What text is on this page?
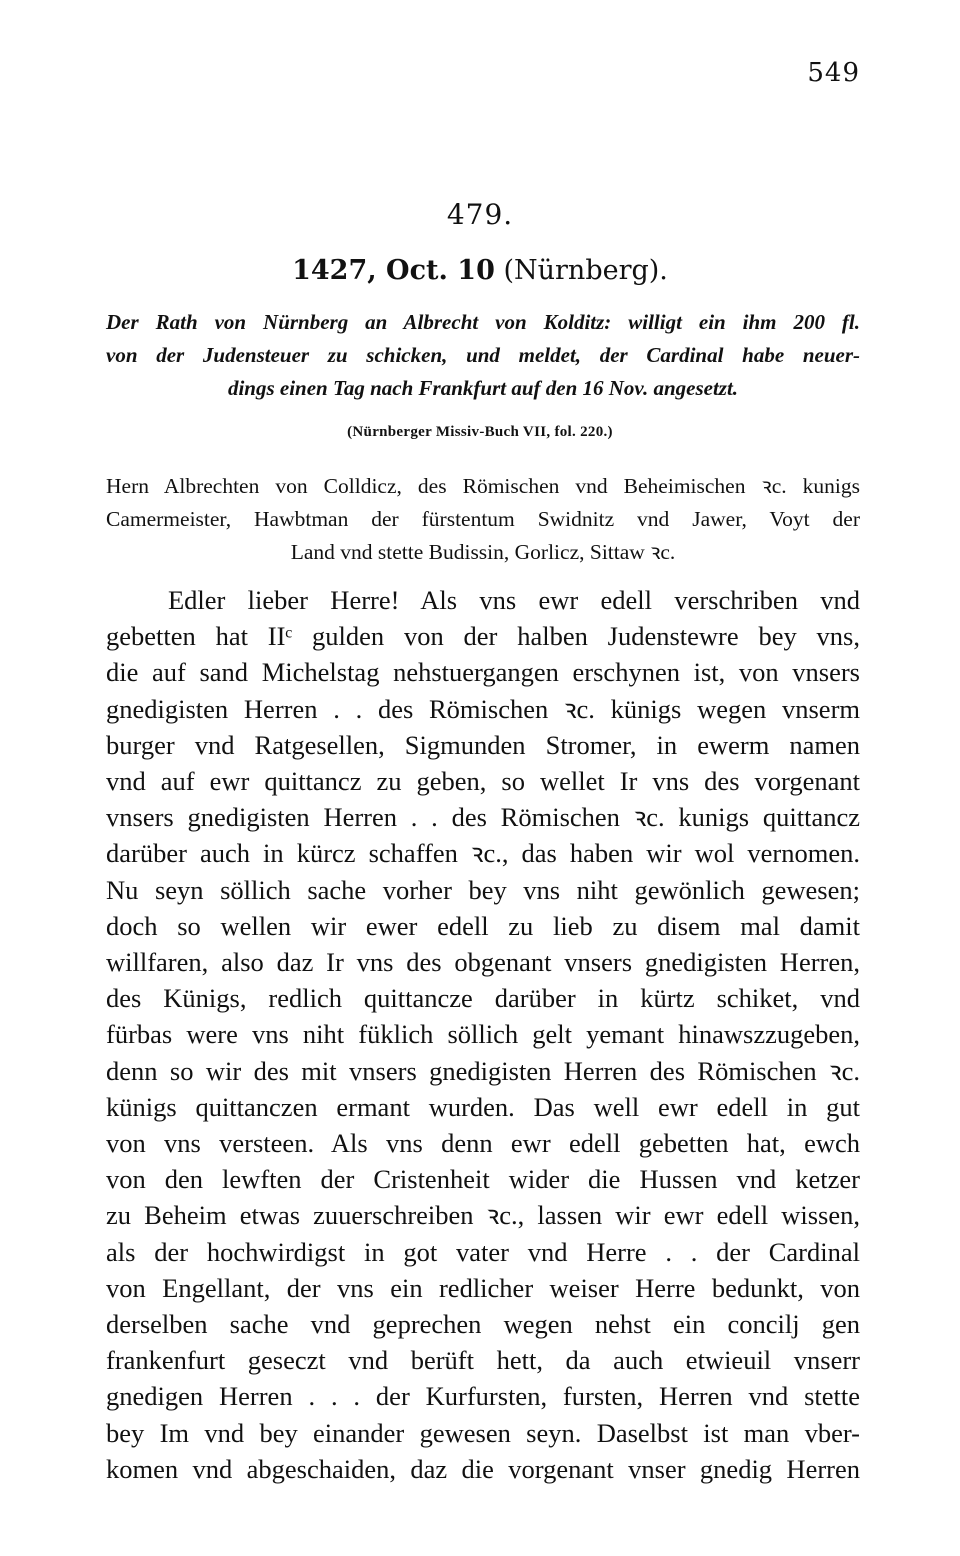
549
479.
1427, Oct. 10 (Nürnberg).
Der Rath von Nürnberg an Albrecht von Kolditz: willigt ein ihm 200 fl.
von der Judensteuer zu schicken, und meldet, der Cardinal habe neuer-
dings einen Tag nach Frankfurt auf den 16 Nov. angesetzt.
(Nürnberger Missiv-Buch VII, fol. 220.)
Hern Albrechten von Colldicz, des Römischen vnd Beheimischen ꝛc. kunigs
Camermeister, Hawbtman der fürstentum Swidnitz vnd Jawer, Voyt der
Land vnd stette Budissin, Gorlicz, Sittaw ꝛc.
Edler lieber Herre! Als vns ewr edell verschriben vnd
gebetten hat IIᶜ gulden von der halben Judenstewre bey vns,
die auf sand Michelstag nehstuergangen erschynen ist, von vnsers
gnedigisten Herren . . des Römischen ꝛc. künigs wegen vnserm
burger vnd Ratgesellen, Sigmunden Stromer, in ewerm namen
vnd auf ewr quittancz zu geben, so wellet Ir vns des vorgenant
vnsers gnedigisten Herren . . des Römischen ꝛc. kunigs quittancz
darüber auch in kürcz schaffen ꝛc., das haben wir wol vernomen.
Nu seyn söllich sache vorher bey vns niht gewönlich gewesen;
doch so wellen wir ewer edell zu lieb zu disem mal damit
willfaren, also daz Ir vns des obgenant vnsers gnedigisten Herren,
des Künigs, redlich quittancze darüber in kürtz schiket, vnd
fürbas were vns niht füklich söllich gelt yemant hinawszzugeben,
denn so wir des mit vnsers gnedigisten Herren des Römischen ꝛc.
künigs quittanczen ermant wurden. Das well ewr edell in gut
von vns versteen. Als vns denn ewr edell gebetten hat, ewch
von den lewften der Cristenheit wider die Hussen vnd ketzer
zu Beheim etwas zuuerschreiben ꝛc., lassen wir ewr edell wissen,
als der hochwirdigst in got vater vnd Herre . . der Cardinal
von Engellant, der vns ein redlicher weiser Herre bedunkt, von
derselben sache vnd geprechen wegen nehst ein concilj gen
frankenfurt geseczt vnd berüft hett, da auch etwieuil vnserr
gnedigen Herren . . . der Kurfursten, fursten, Herren vnd stette
bey Im vnd bey einander gewesen seyn. Daselbst ist man vber-
komen vnd abgeschaiden, daz die vorgenant vnser gnedig Herren
